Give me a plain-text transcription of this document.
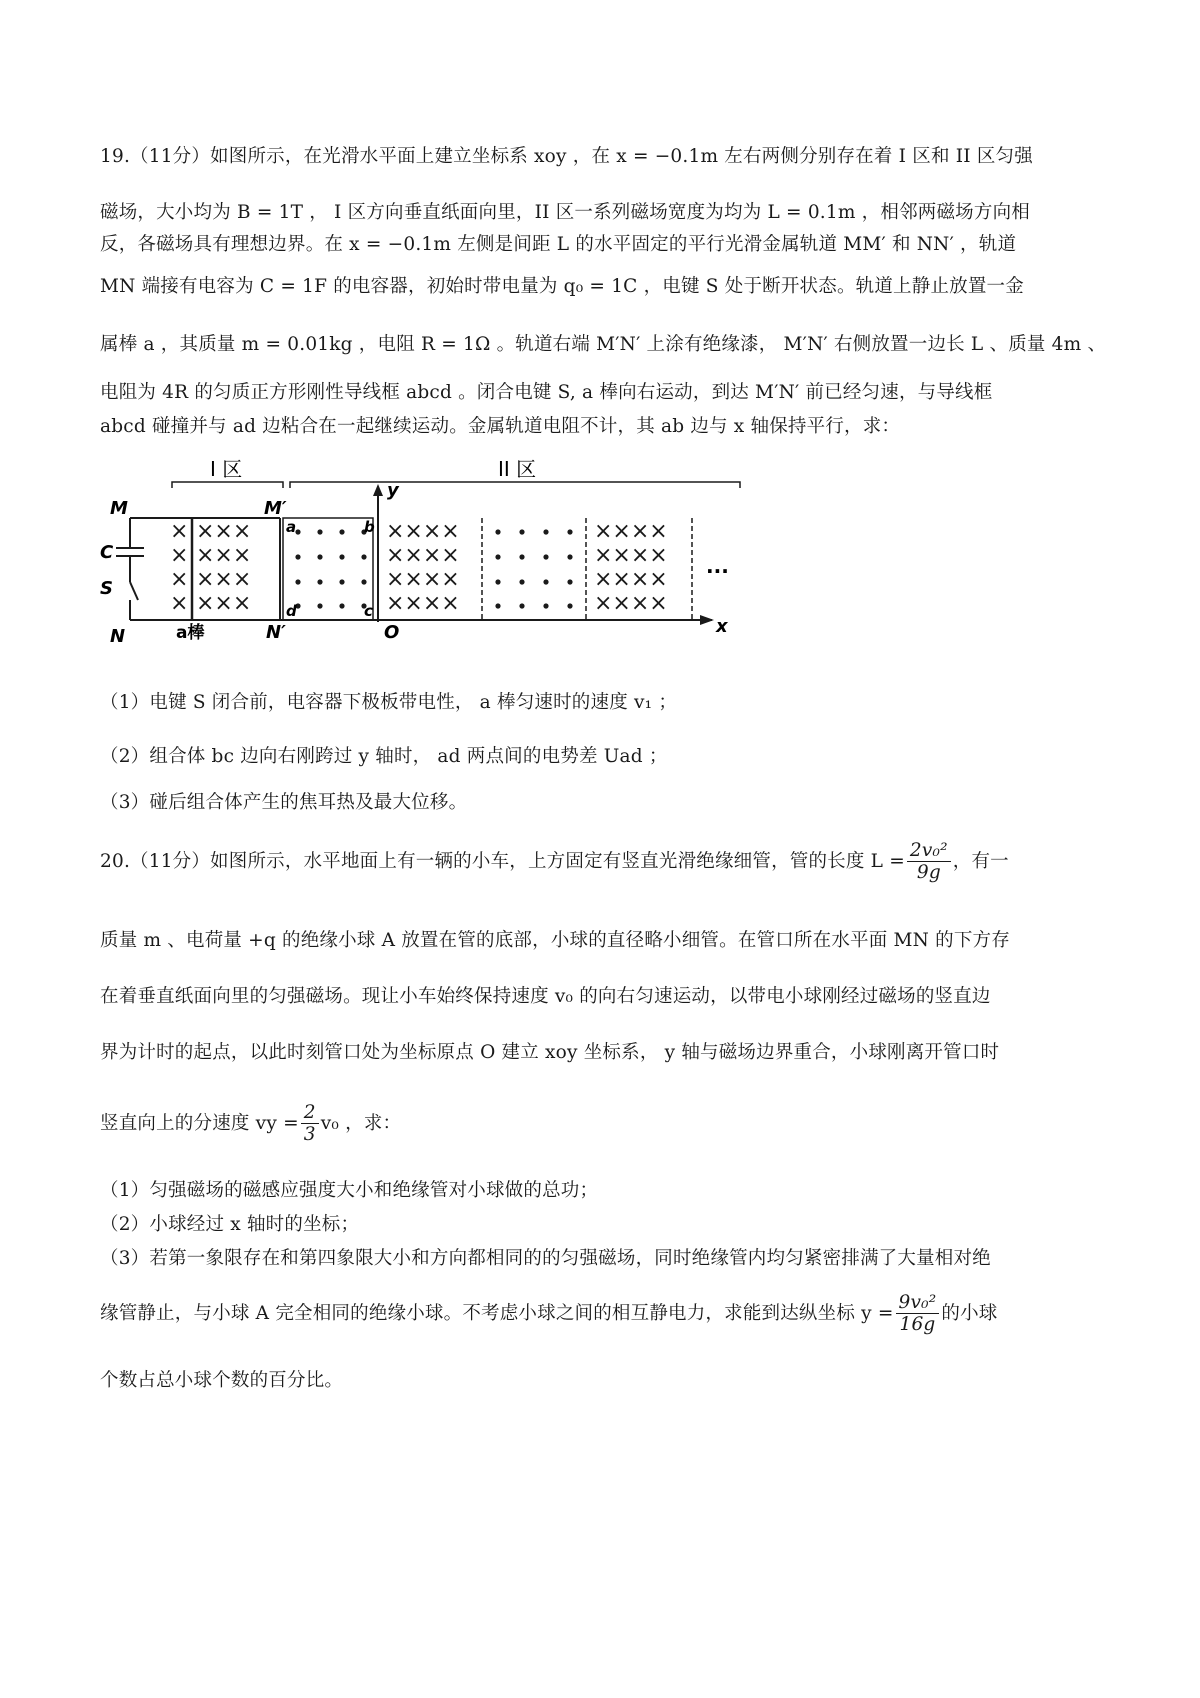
19.（11分）如图所示，在光滑水平面上建立坐标系 xoy ，在 x = −0.1m 左右两侧分别存在着 I 区和 II 区匀强
磁场，大小均为 B = 1T ， I 区方向垂直纸面向里，II 区一系列磁场宽度为均为 L = 0.1m ，相邻两磁场方向相
反，各磁场具有理想边界。在 x = −0.1m 左侧是间距 L 的水平固定的平行光滑金属轨道 MM′ 和 NN′ ，轨道
MN 端接有电容为 C = 1F 的电容器，初始时带电量为 q₀ = 1C ，电键 S 处于断开状态。轨道上静止放置一金
属棒 a ，其质量 m = 0.01kg ，电阻 R = 1Ω 。轨道右端 M′N′ 上涂有绝缘漆， M′N′ 右侧放置一边长 L 、质量 4m 、
电阻为 4R 的匀质正方形刚性导线框 abcd 。闭合电键 S, a 棒向右运动，到达 M′N′ 前已经匀速，与导线框
abcd 碰撞并与 ad 边粘合在一起继续运动。金属轨道电阻不计，其 ab 边与 x 轴保持平行，求：
I 区	II 区
× ×××
× ×××
× ×××
× ×××
××××
××××
××××
××××
××××
××××
××××
××××
M	M′
C
S
N	a棒	N′	O
y
x
a	b
c
d
···
（1）电键 S 闭合前，电容器下极板带电性， a 棒匀速时的速度 v₁ ；
（2）组合体 bc 边向右刚跨过 y 轴时， ad 两点间的电势差 Uad ；
（3）碰后组合体产生的焦耳热及最大位移。
20.（11分）如图所示，水平地面上有一辆的小车，上方固定有竖直光滑绝缘细管，管的长度 $L = \frac{\text{2v₀²}}{9g}$ ，有一
质量 m 、电荷量 +q 的绝缘小球 A 放置在管的底部，小球的直径略小细管。在管口所在水平面 MN 的下方存
在着垂直纸面向里的匀强磁场。现让小车始终保持速度 v₀ 的向右匀速运动，以带电小球刚经过磁场的竖直边
界为计时的起点，以此时刻管口处为坐标原点 O 建立 xoy 坐标系， y 轴与磁场边界重合，小球刚离开管口时
竖直向上的分速度 vy = $\frac{2}{3} v_0$ ，求：
（1）匀强磁场的磁感应强度大小和绝缘管对小球做的总功；
（2）小球经过 x 轴时的坐标；
（3）若第一象限存在和第四象限大小和方向都相同的的匀强磁场，同时绝缘管内均匀紧密排满了大量相对绝
缘管静止，与小球 A 完全相同的绝缘小球。不考虑小球之间的相互静电力，求能到达纵坐标 $y = \frac{\text{9v₀²}}{16g}$ 的小球
个数占总小球个数的百分比。
